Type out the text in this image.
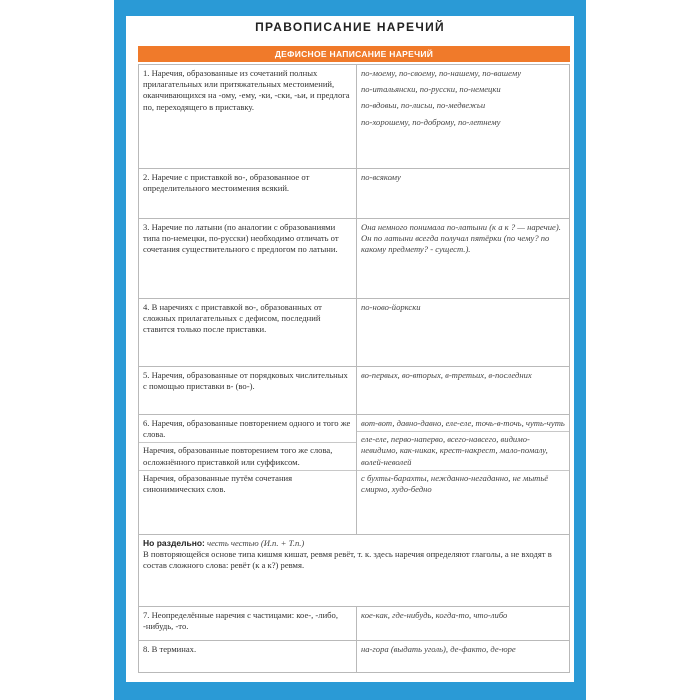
ПРАВОПИСАНИЕ НАРЕЧИЙ
ДЕФИСНОЕ НАПИСАНИЕ НАРЕЧИЙ
1. Наречия, образованные из сочетаний полных прилагательных или притяжательных местоимений, оканчивающихся на -ому, -ему, -ки, -ски, -ьи, и предлога по, переходящего в приставку.
по-моему, по-своему, по-нашему, по-вашему
по-итальянски, по-русски, по-немецки
по-вдовьи, по-лисьи, по-медвежьи
по-хорошему, по-доброму, по-летнему
2. Наречие с приставкой во-, образованное от определительного местоимения всякий.
по-всякому
3. Наречие по латыни (по аналогии с образованиями типа по-немецки, по-русски) необходимо отличать от сочетания существительного с предлогом по латыни.
Она немного понимала по-латыни (к а к ? — наречие).
Он по латыни всегда получал пятёрки (по чему? по какому предмету? - сущест.).
4. В наречиях с приставкой во-, образованных от сложных прилагательных с дефисом, последний ставится только после приставки.
по-ново-йоркски
5. Наречия, образованные от порядковых числительных с помощью приставки в- (во-).
во-первых, во-вторых, в-третьих, в-последних
6. Наречия, образованные повторением одного и того же слова.
Наречия, образованные повторением того же слова, осложнённого приставкой или суффиксом.
Наречия, образованные путём сочетания синонимических слов.
вот-вот, давно-давно, еле-еле, точь-в-точь, чуть-чуть
еле-еле, перво-наперво, всего-навсего, видимо-невидимо, как-никак, крест-накрест, мало-помалу, волей-неволей
с бухты-барахты, нежданно-негаданно, не мытьё смирно, худо-бедно
Но раздельно: честь честью (И.п. + Т.п.)
В повторяющейся основе типа кишмя кишат, ревмя ревёт, т. к. здесь наречия определяют глаголы, а не входят в состав сложного слова: ревёт (к а к?) ревмя.
7. Неопределённые наречия с частицами: кое-, -либо, -нибудь, -то.
кое-как, где-нибудь, когда-то, что-либо
8. В терминах.	на-гора (выдать уголь), де-факто, де-юре
